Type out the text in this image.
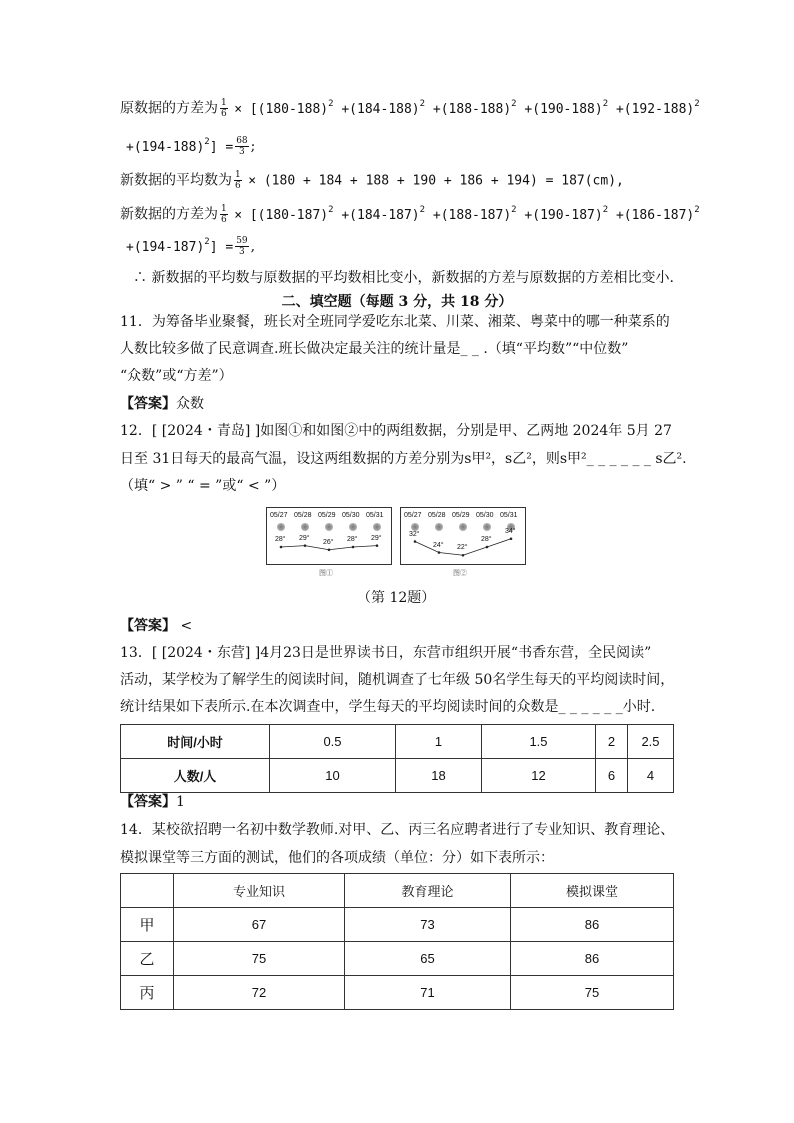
原数据的方差为 $\frac{1}{6} \times [(180-188)^2 +(184-188)^2 +(188-188)^2 +(190-188)^2 +(192-188)^2$
$+(194-188)^2] = \frac{68}{3}$ ;
新数据的平均数为 $\frac{1}{6} \times (180 + 184 + 188 + 190 + 186 + 194) = 187(cm)$,
新数据的方差为 $\frac{1}{6} \times [(180-187)^2 +(184-187)^2 +(188-187)^2 +(190-187)^2 +(186-187)^2$
$+(194-187)^2] = \frac{59}{3}$ ,
∴ 新数据的平均数与原数据的平均数相比变小，新数据的方差与原数据的方差相比变小.
二、填空题（每题 3 分，共 18 分）
11．为筹备毕业聚餐，班长对全班同学爱吃东北菜、川菜、湘菜、粤菜中的哪一种菜系的
人数比较多做了民意调查.班长做决定最关注的统计量是_ _ .（填“平均数”“中位数”
“众数”或“方差”）
【答案】众数
12．[ [2024・青岛] ]如图①和如图②中的两组数据，分别是甲、乙两地 2024年 5月 27
日至 31日每天的最高气温，设这两组数据的方差分别为s甲²，s乙²，则s甲²_ _ _ _ _ _ s乙².
（填“ > ” “ = ”或“ < ”）
05/27
28°
05/28
29°
05/29
26°
05/30
28°
05/31
29°
图①
05/27
32°
05/28
24°
05/29
22°
05/30
28°
05/31
34°
图②
（第 12题）
【答案】 <
13．[ [2024・东营] ]4月23日是世界读书日，东营市组织开展“书香东营，全民阅读”
活动，某学校为了解学生的阅读时间，随机调查了七年级 50名学生每天的平均阅读时间，
统计结果如下表所示.在本次调查中，学生每天的平均阅读时间的众数是_ _ _ _ _ _小时.
时间/小时	0.5	1	1.5	2	2.5
人数/人	10	18	12	6	4
【答案】1
14．某校欲招聘一名初中数学教师.对甲、乙、丙三名应聘者进行了专业知识、教育理论、
模拟课堂等三方面的测试，他们的各项成绩（单位：分）如下表所示：
	专业知识	教育理论	模拟课堂
甲	67	73	86
乙	75	65	86
丙	72	71	75
